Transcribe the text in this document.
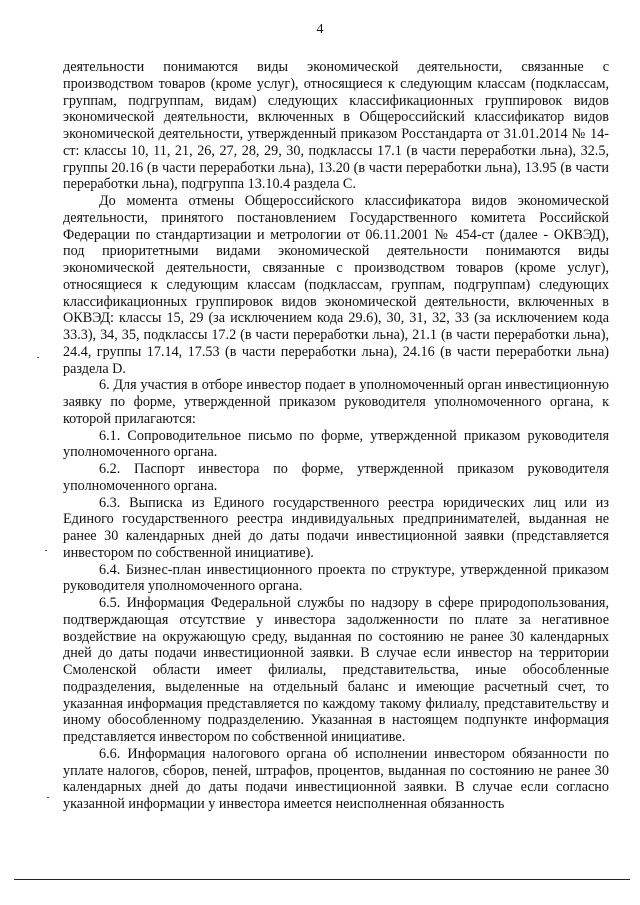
4

деятельности понимаются виды экономической деятельности, связанные с производством товаров (кроме услуг), относящиеся к следующим классам (подклассам, группам, подгруппам, видам) следующих классификационных группировок видов экономической деятельности, включенных в Общероссийский классификатор видов экономической деятельности, утвержденный приказом Росстандарта от 31.01.2014 № 14-ст: классы 10, 11, 21, 26, 27, 28, 29, 30, подклассы 17.1 (в части переработки льна), 32.5, группы 20.16 (в части переработки льна), 13.20 (в части переработки льна), 13.95 (в части переработки льна), подгруппа 13.10.4 раздела C.

До момента отмены Общероссийского классификатора видов экономической деятельности, принятого постановлением Государственного комитета Российской Федерации по стандартизации и метрологии от 06.11.2001 № 454-ст (далее - ОКВЭД), под приоритетными видами экономической деятельности понимаются виды экономической деятельности, связанные с производством товаров (кроме услуг), относящиеся к следующим классам (подклассам, группам, подгруппам) следующих классификационных группировок видов экономической деятельности, включенных в ОКВЭД: классы 15, 29 (за исключением кода 29.6), 30, 31, 32, 33 (за исключением кода 33.3), 34, 35, подклассы 17.2 (в части переработки льна), 21.1 (в части переработки льна), 24.4, группы 17.14, 17.53 (в части переработки льна), 24.16 (в части переработки льна) раздела D.

6. Для участия в отборе инвестор подает в уполномоченный орган инвестиционную заявку по форме, утвержденной приказом руководителя уполномоченного органа, к которой прилагаются:

6.1. Сопроводительное письмо по форме, утвержденной приказом руководителя уполномоченного органа.

6.2. Паспорт инвестора по форме, утвержденной приказом руководителя уполномоченного органа.

6.3. Выписка из Единого государственного реестра юридических лиц или из Единого государственного реестра индивидуальных предпринимателей, выданная не ранее 30 календарных дней до даты подачи инвестиционной заявки (представляется инвестором по собственной инициативе).

6.4. Бизнес-план инвестиционного проекта по структуре, утвержденной приказом руководителя уполномоченного органа.

6.5. Информация Федеральной службы по надзору в сфере природопользования, подтверждающая отсутствие у инвестора задолженности по плате за негативное воздействие на окружающую среду, выданная по состоянию не ранее 30 календарных дней до даты подачи инвестиционной заявки. В случае если инвестор на территории Смоленской области имеет филиалы, представительства, иные обособленные подразделения, выделенные на отдельный баланс и имеющие расчетный счет, то указанная информация представляется по каждому такому филиалу, представительству и иному обособленному подразделению. Указанная в настоящем подпункте информация представляется инвестором по собственной инициативе.

6.6. Информация налогового органа об исполнении инвестором обязанности по уплате налогов, сборов, пеней, штрафов, процентов, выданная по состоянию не ранее 30 календарных дней до даты подачи инвестиционной заявки. В случае если согласно указанной информации у инвестора имеется неисполненная обязанность
